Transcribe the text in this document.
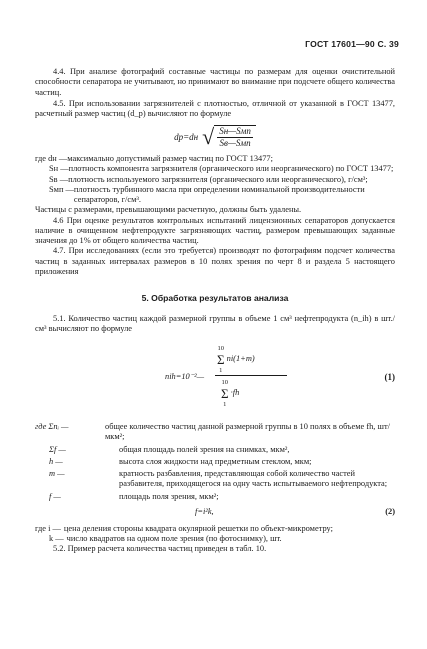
ГОСТ 17601—90 С. 39

4.4. При анализе фотографий составные частицы по размерам для оценки очистительной способности сепаратора не учитывают, но принимают во внимание при подсчете общего количества частиц.

4.5. При использовании загрязнителей с плотностью, отличной от указанной в ГОСТ 13477, расчетный размер частиц (d_р) вычисляют по формуле

dр=dн √ Sн—Sмп
Sв—Sмп
где dн — максимально допустимый размер частиц по ГОСТ 13477;
Sн — плотность компонента загрязнителя (органического или неорганического) по ГОСТ 13477;
Sв — плотность используемого загрязнителя (органического или неорганического), г/см³;
Sмп — плотность турбинного масла при определении номинальной производительности сепараторов, г/см³.

Частицы с размерами, превышающими расчетную, должны быть удалены.

4.6 При оценке результатов контрольных испытаний лицензионных сепараторов допускается наличие в очищенном нефтепродукте загрязняющих частиц, размером превышающих заданные значения до 1% от общего количества частиц.

4.7. При исследованиях (если это требуется) производят по фотографиям подсчет количества частиц в заданных интервалах размеров в 10 полях зрения по черт 8 и раздела 5 настоящего приложения

5. Обработка результатов анализа

5.1. Количество частиц каждой размерной группы в объеме 1 см³ нефтепродукта (n_ih) в шт./см³ вычисляют по формуле

nih=10⁻²—
10
Σ
1 ni(1+m)
10
Σ
1 ·fh
(1)
где Σnᵢ —	общее количество частиц данной размерной группы в 10 полях в объеме fh, шт/мкм²;
Σf —	общая площадь полей зрения на снимках, мкм²,
h —	высота слоя жидкости над предметным стеклом, мкм;
m —	кратность разбавления, представляющая собой количество частей разбавителя, приходящегося на одну часть испытываемого нефтепродукта;
f —	площадь поля зрения, мкм²;
f=i²k,	(2)
где i — цена деления стороны квадрата окулярной решетки по объект-микрометру;
k — число квадратов на одном поле зрения (по фотоснимку), шт.

5.2. Пример расчета количества частиц приведен в табл. 10.
